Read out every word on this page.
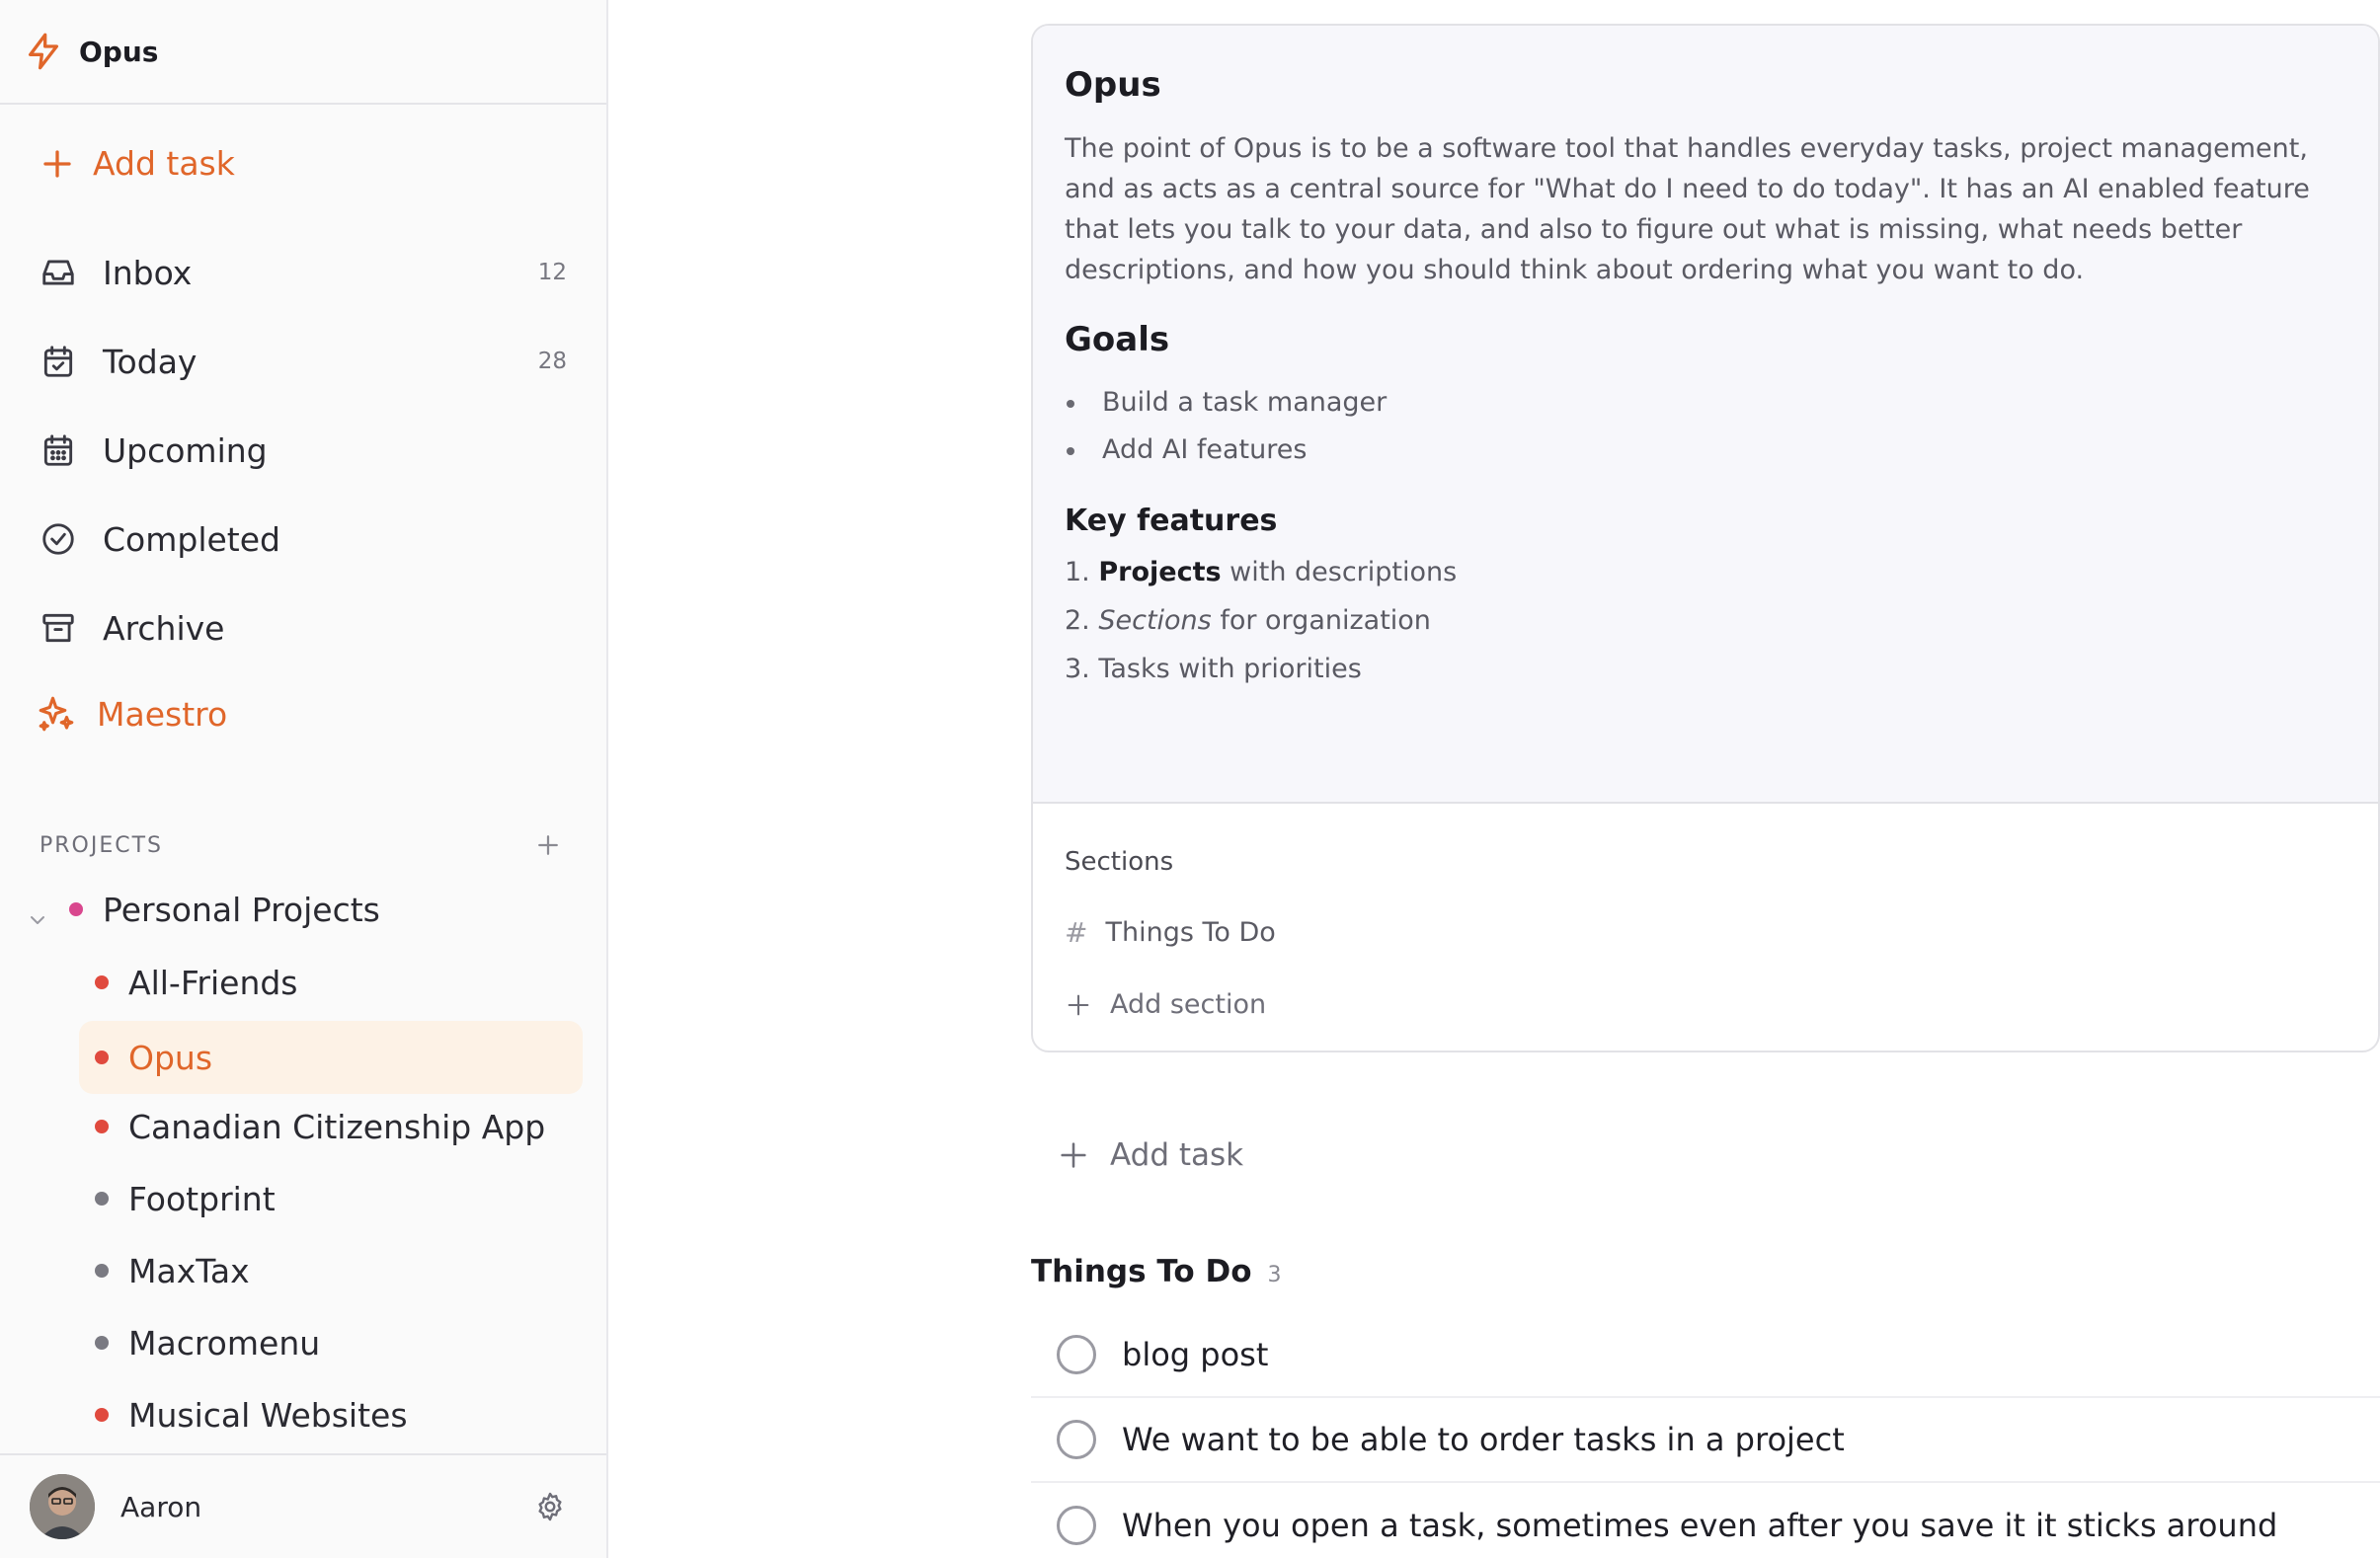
Opus
Add task
Inbox	12
Today	28
Upcoming
Completed
Archive
Maestro
PROJECTS
Personal Projects
All-Friends
Opus
Canadian Citizenship App
Footprint
MaxTax
Macromenu
Musical Websites
Aaron
Opus

The point of Opus is to be a software tool that handles everyday tasks, project management, and as acts as a central source for "What do I need to do today". It has an AI enabled feature that lets you talk to your data, and also to figure out what is missing, what needs better descriptions, and how you should think about ordering what you want to do.

Goals
Build a task manager
Add AI features
Key features
1. Projects with descriptions
2. Sections for organization
3. Tasks with priorities
Sections
# Things To Do
Add section
Add task
Things To Do 3
blog post
We want to be able to order tasks in a project
When you open a task, sometimes even after you save it it sticks around
